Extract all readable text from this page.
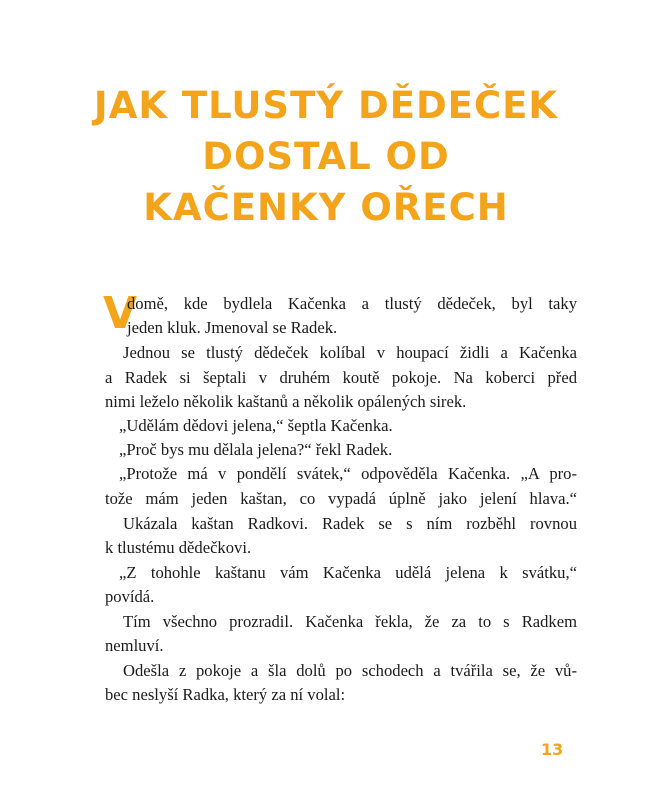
JAK TLUSTÝ DĚDEČEK
DOSTAL OD
KAČENKY OŘECH
V
domě, kde bydlela Kačenka a tlustý dědeček, byl taky
jeden kluk. Jmenoval se Radek.
Jednou se tlustý dědeček kolíbal v houpací židli a Kačenka
a Radek si šeptali v druhém koutě pokoje. Na koberci před
nimi leželo několik kaštanů a několik opálených sirek.
„Udělám dědovi jelena,“ šeptla Kačenka.
„Proč bys mu dělala jelena?“ řekl Radek.
„Protože má v pondělí svátek,“ odpověděla Kačenka. „A pro-
tože mám jeden kaštan, co vypadá úplně jako jelení hlava.“
Ukázala kaštan Radkovi. Radek se s ním rozběhl rovnou
k tlustému dědečkovi.
„Z tohohle kaštanu vám Kačenka udělá jelena k svátku,“
povídá.
Tím všechno prozradil. Kačenka řekla, že za to s Radkem
nemluví.
Odešla z pokoje a šla dolů po schodech a tvářila se, že vů-
bec neslyší Radka, který za ní volal:
13
